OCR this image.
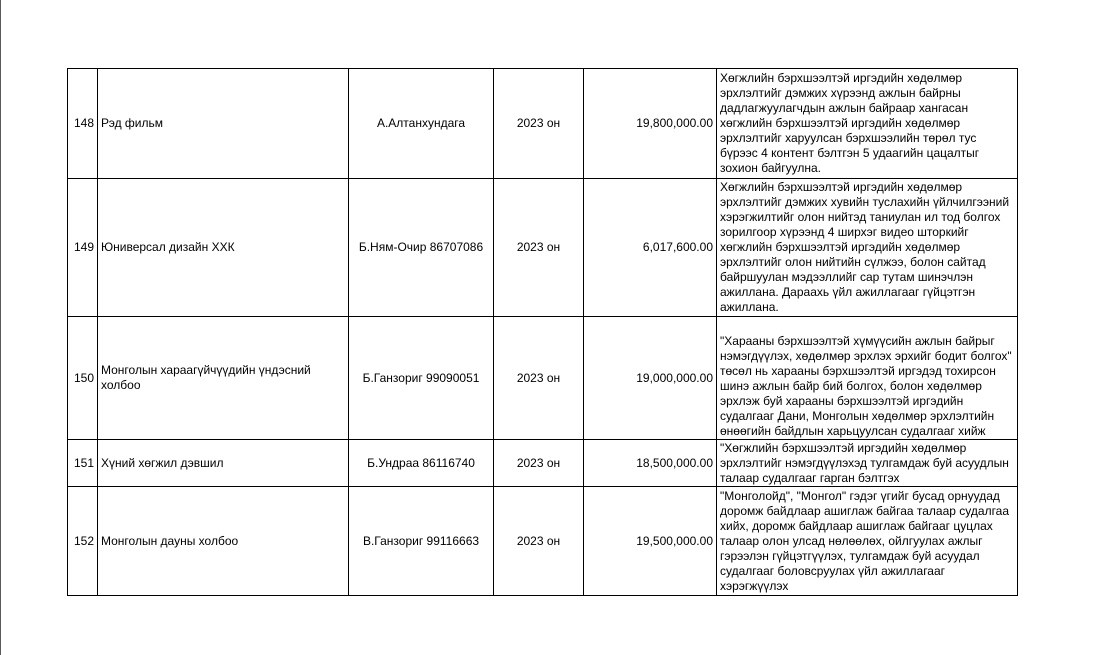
148	Рэд фильм	А.Алтанхундага	2023 он	19,800,000.00	Хөгжлийн бэрхшээлтэй иргэдийн хөдөлмөр эрхлэлтийг дэмжих хүрээнд ажлын байрны дадлагжуулагчдын ажлын байраар хангасан хөгжлийн бэрхшээлтэй иргэдийн хөдөлмөр эрхлэлтийг харуулсан бэрхшээлийн төрөл тус бүрээс 4 контент бэлтгэн 5 удаагийн цацалтыг зохион байгуулна.
149	Юниверсал дизайн ХХК	Б.Ням-Очир 86707086	2023 он	6,017,600.00	Хөгжлийн бэрхшээлтэй иргэдийн хөдөлмөр эрхлэлтийг дэмжих хувийн туслахийн үйлчилгээний хэрэгжилтийг олон нийтэд таниулан ил тод болгох зорилгоор хүрээнд 4 ширхэг видео шторкийг хөгжлийн бэрхшээлтэй иргэдийн хөдөлмөр эрхлэлтийг олон нийтийн сүлжээ, болон сайтад байршуулан мэдээллийг сар тутам шинэчлэн ажиллана. Дараахь үйл ажиллагааг гүйцэтгэн ажиллана.
150	Монголын хараагүйчүүдийн үндэсний холбоо	Б.Ганзориг 99090051	2023 он	19,000,000.00	"Харааны бэрхшээлтэй хүмүүсийн ажлын байрыг нэмэгдүүлэх, хөдөлмөр эрхлэх эрхийг бодит болгох" төсөл нь харааны бэрхшээлтэй иргэдэд тохирсон шинэ ажлын байр бий болгох, болон хөдөлмөр эрхлэж буй харааны бэрхшээлтэй иргэдийн судалгааг Дани, Монголын хөдөлмөр эрхлэлтийн өнөөгийн байдлын харьцуулсан судалгааг хийж
151	Хүний хөгжил дэвшил	Б.Ундраа 86116740	2023 он	18,500,000.00	"Хөгжлийн бэрхшээлтэй иргэдийн хөдөлмөр эрхлэлтийг нэмэгдүүлэхэд тулгамдаж буй асуудлын талаар судалгааг гарган бэлтгэх
152	Монголын дауны холбоо	В.Ганзориг 99116663	2023 он	19,500,000.00	"Монголойд", "Монгол" гэдэг үгийг бусад орнуудад доромж байдлаар ашиглаж байгаа талаар судалгаа хийх, доромж байдлаар ашиглаж байгааг цуцлах талаар олон улсад нөлөөлөх, ойлгуулах ажлыг гэрээлэн гүйцэтгүүлэх, тулгамдаж буй асуудал судалгааг боловсруулах үйл ажиллагааг хэрэгжүүлэх
